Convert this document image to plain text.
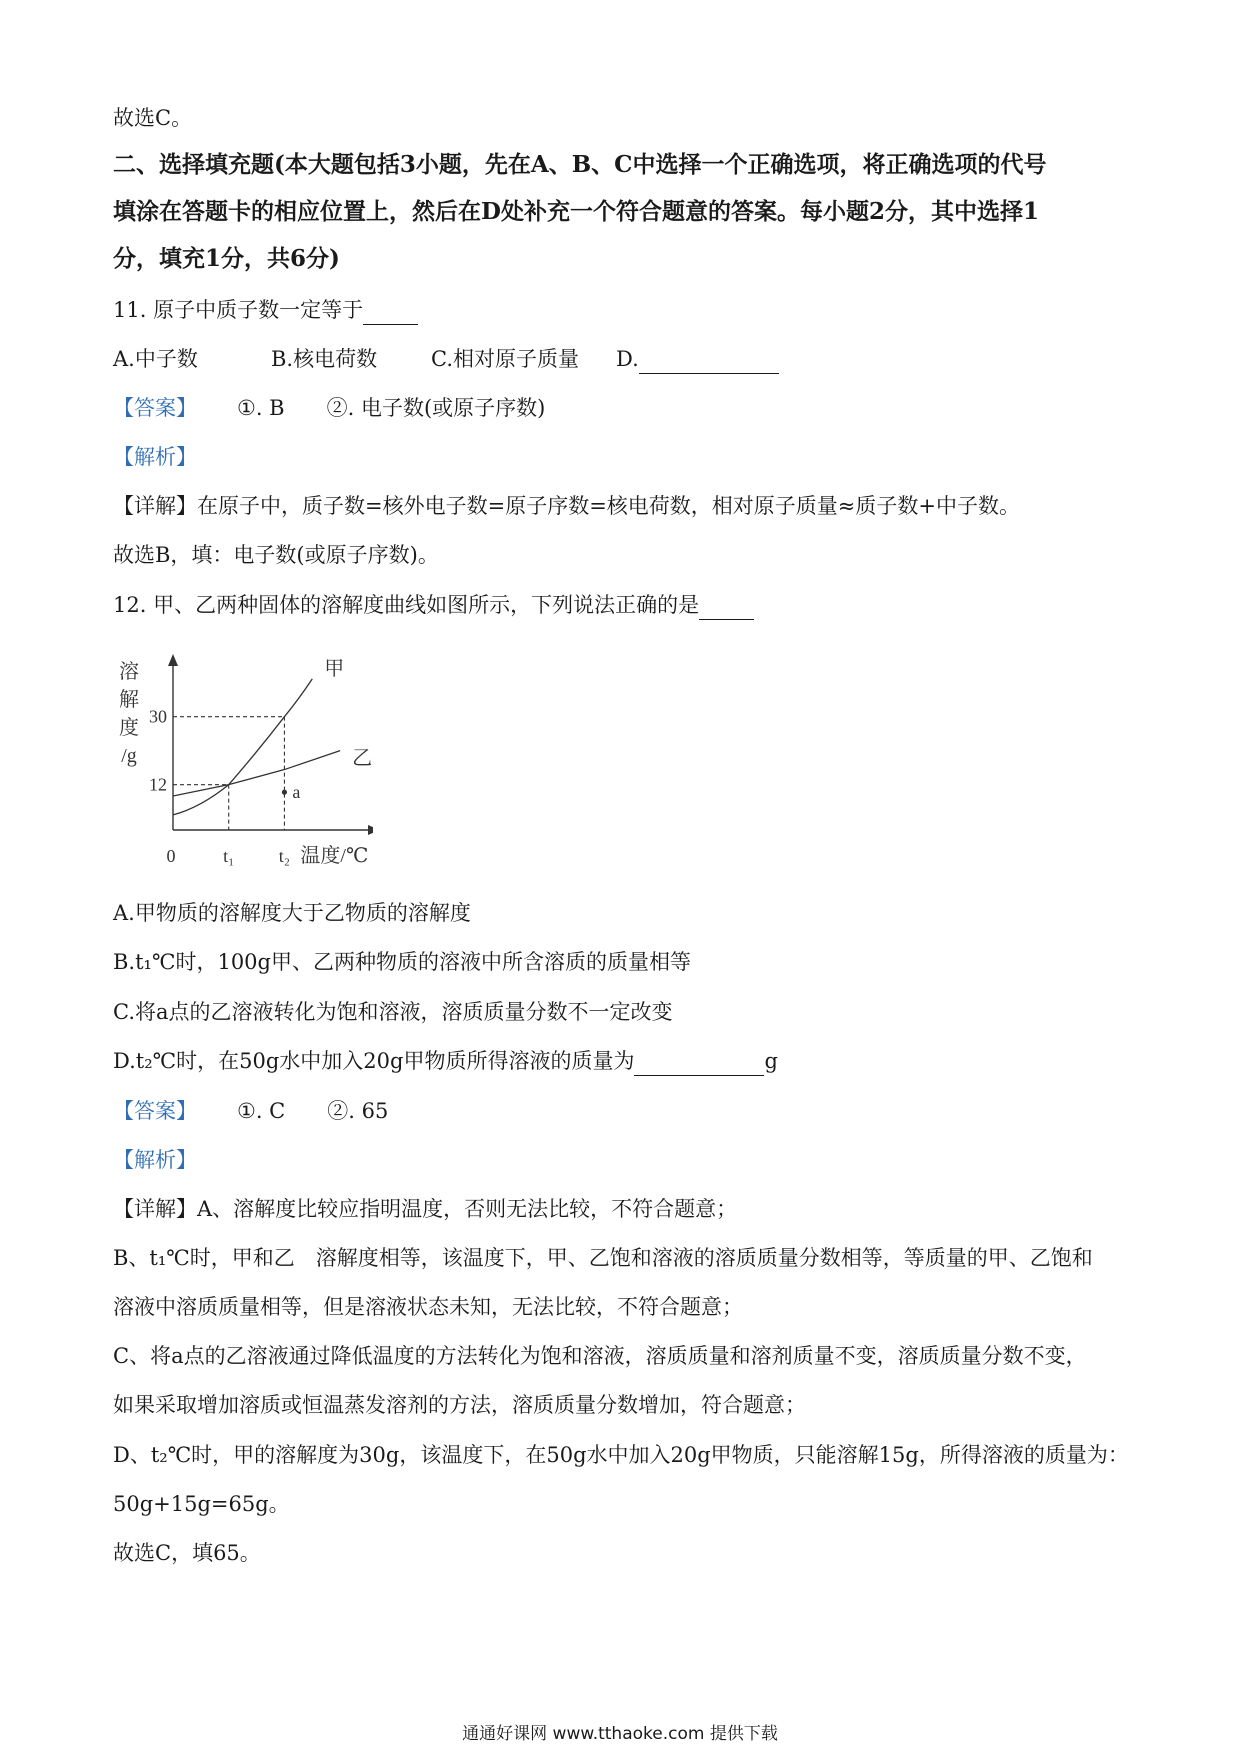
故选C。
二、选择填充题(本大题包括3小题，先在A、B、C中选择一个正确选项，将正确选项的代号
填涂在答题卡的相应位置上，然后在D处补充一个符合题意的答案。每小题2分，其中选择1
分，填充1分，共6分)
11. 原子中质子数一定等于
A.中子数	B.核电荷数	C.相对原子质量 D.
【答案】 ①. B　　②. 电子数(或原子序数)
【解析】
【详解】在原子中，质子数=核外电子数=原子序数=核电荷数，相对原子质量≈质子数+中子数。
故选B，填：电子数(或原子序数)。
12. 甲、乙两种固体的溶解度曲线如图所示，下列说法正确的是
溶
解
度
/g
0
12
30
t₁ t₂ 温度/℃
甲
乙
a
A.甲物质的溶解度大于乙物质的溶解度
B.t₁℃时，100g甲、乙两种物质的溶液中所含溶质的质量相等
C.将a点的乙溶液转化为饱和溶液，溶质质量分数不一定改变
D.t₂℃时，在50g水中加入20g甲物质所得溶液的质量为	g
【答案】 ①. C　　②. 65
【解析】
【详解】A、溶解度比较应指明温度，否则无法比较，不符合题意；
B、t₁℃时，甲和乙　溶解度相等，该温度下，甲、乙饱和溶液的溶质质量分数相等，等质量的甲、乙饱和
溶液中溶质质量相等，但是溶液状态未知，无法比较，不符合题意；
C、将a点的乙溶液通过降低温度的方法转化为饱和溶液，溶质质量和溶剂质量不变，溶质质量分数不变，
如果采取增加溶质或恒温蒸发溶剂的方法，溶质质量分数增加，符合题意；
D、t₂℃时，甲的溶解度为30g，该温度下，在50g水中加入20g甲物质，只能溶解15g，所得溶液的质量为：
50g+15g=65g。
故选C，填65。
通通好课网 www.tthaoke.com 提供下载
